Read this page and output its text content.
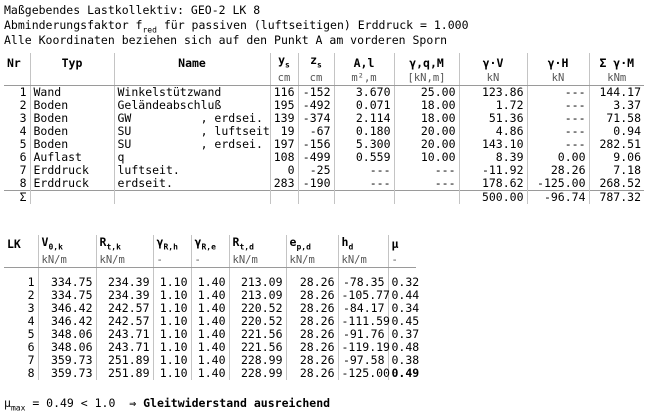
Maßgebendes Lastkollektiv: GEO-2 LK 8
Abminderungsfaktor $f_{red}$ für passiven (luftseitigen) Erddruck = 1.000
Alle Koordinaten beziehen sich auf den Punkt A am vorderen Sporn
Nr	Typ	Name	$y_s$	$z_s$	A,l	γ,q,M	γ·V	γ·H	Σ γ·M
			cm	cm	m²,m	[kN,m]	kN	kN	kNm
1	Wand	Winkelstützwand	116	-152	3.670	25.00	123.86	---	144.17
2	Boden	Geländeabschluß	195	-492	0.071	18.00	1.72	---	3.37
3	Boden	GW          , erdsei.	139	-374	2.114	18.00	51.36	---	71.58
4	Boden	SU          , luftseit	19	-67	0.180	20.00	4.86	---	0.94
5	Boden	SU          , erdsei.	197	-156	5.300	20.00	143.10	---	282.51
6	Auflast	q	108	-499	0.559	10.00	8.39	0.00	9.06
7	Erddruck	luftseit.	0	-25	---	---	-11.92	28.26	7.18
8	Erddruck	erdseit.	283	-190	---	---	178.62	-125.00	268.52
Σ							500.00	-96.74	787.32
LK	$V_{0,k}$	$R_{t,k}$	$\gamma_{R,h}$	$\gamma_{R,e}$	$R_{t,d}$	$e_{p,d}$	$h_d$	μ
	kN/m	kN/m	-	-	kN/m	kN/m	kN/m	-

1	334.75	234.39	1.10	1.40	213.09	28.26	-78.35	0.32
2	334.75	234.39	1.10	1.40	213.09	28.26	-105.77	0.44
3	346.42	242.57	1.10	1.40	220.52	28.26	-84.17	0.34
4	346.42	242.57	1.10	1.40	220.52	28.26	-111.59	0.45
5	348.06	243.71	1.10	1.40	221.56	28.26	-91.76	0.37
6	348.06	243.71	1.10	1.40	221.56	28.26	-119.19	0.48
7	359.73	251.89	1.10	1.40	228.99	28.26	-97.58	0.38
8	359.73	251.89	1.10	1.40	228.99	28.26	-125.00	0.49
$\mu_{max} = 0.49 < 1.0$  ⇒ Gleitwiderstand ausreichend
